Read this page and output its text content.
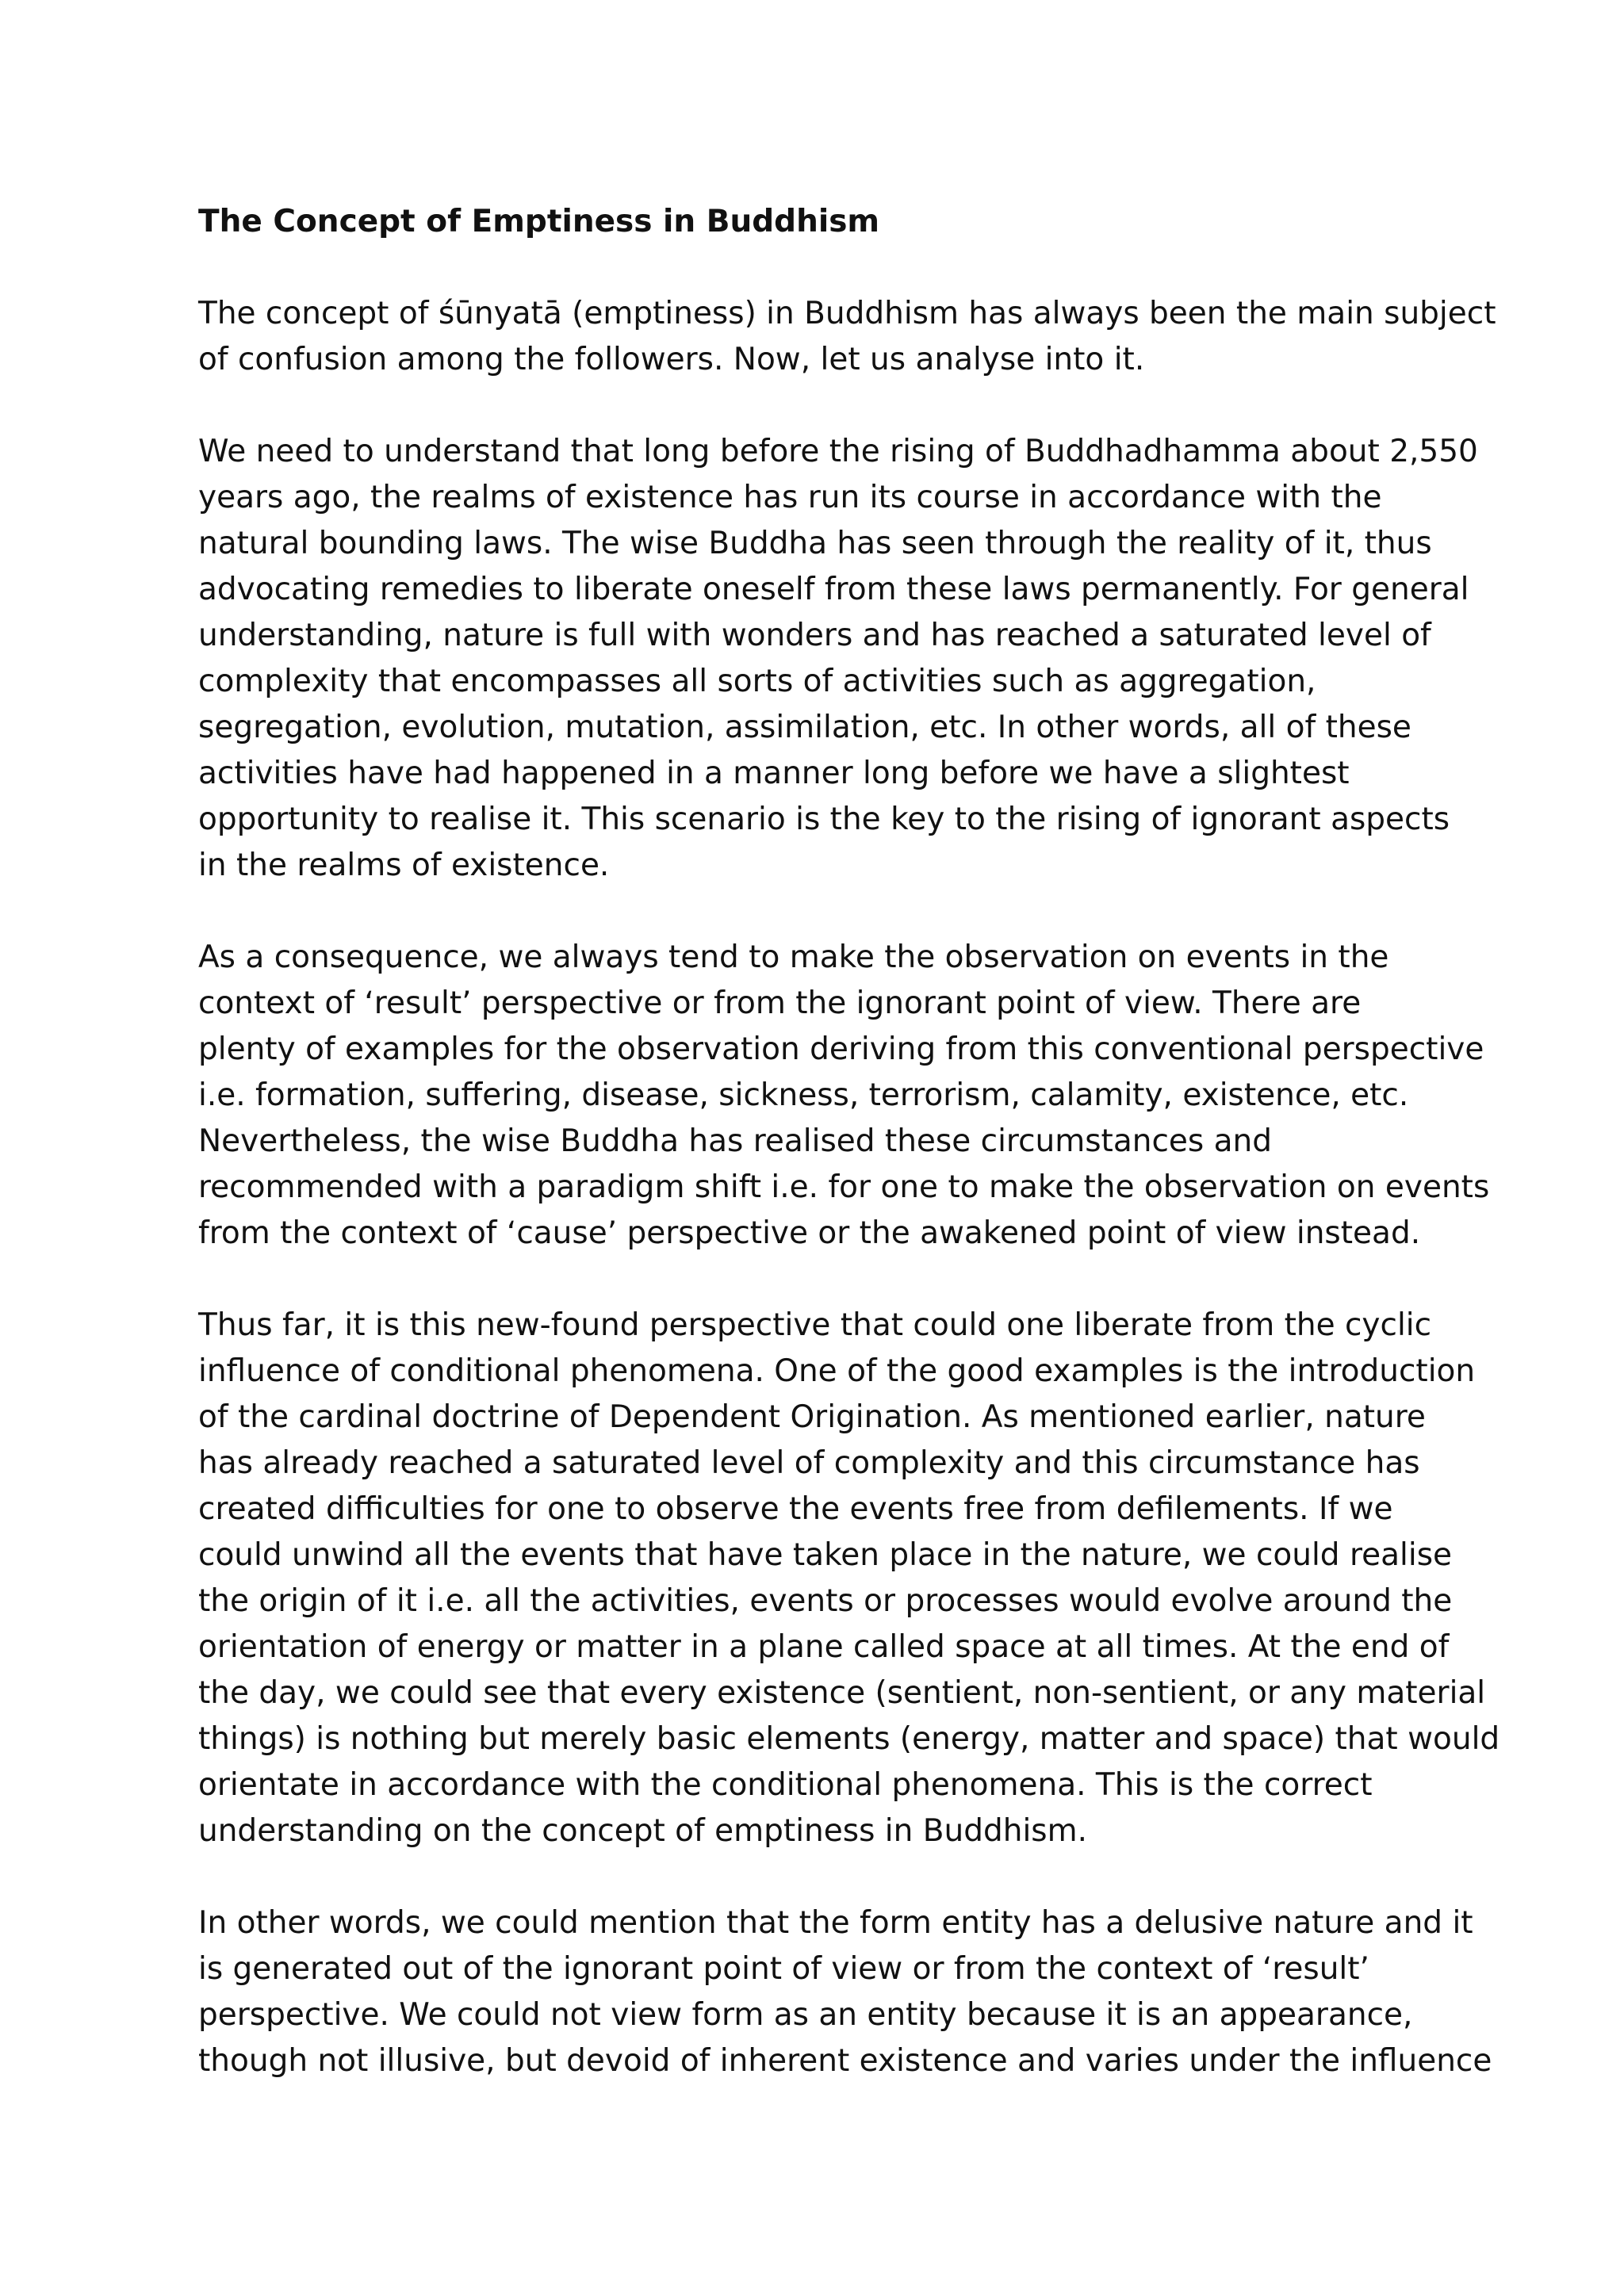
The Concept of Emptiness in Buddhism
The concept of śūnyatā (emptiness) in Buddhism has always been the main subject
of confusion among the followers. Now, let us analyse into it.
We need to understand that long before the rising of Buddhadhamma about 2,550
years ago, the realms of existence has run its course in accordance with the
natural bounding laws. The wise Buddha has seen through the reality of it, thus
advocating remedies to liberate oneself from these laws permanently. For general
understanding, nature is full with wonders and has reached a saturated level of
complexity that encompasses all sorts of activities such as aggregation,
segregation, evolution, mutation, assimilation, etc. In other words, all of these
activities have had happened in a manner long before we have a slightest
opportunity to realise it. This scenario is the key to the rising of ignorant aspects
in the realms of existence.
As a consequence, we always tend to make the observation on events in the
context of ‘result’ perspective or from the ignorant point of view. There are
plenty of examples for the observation deriving from this conventional perspective
i.e. formation, suffering, disease, sickness, terrorism, calamity, existence, etc.
Nevertheless, the wise Buddha has realised these circumstances and
recommended with a paradigm shift i.e. for one to make the observation on events
from the context of ‘cause’ perspective or the awakened point of view instead.
Thus far, it is this new-found perspective that could one liberate from the cyclic
influence of conditional phenomena. One of the good examples is the introduction
of the cardinal doctrine of Dependent Origination. As mentioned earlier, nature
has already reached a saturated level of complexity and this circumstance has
created difficulties for one to observe the events free from defilements. If we
could unwind all the events that have taken place in the nature, we could realise
the origin of it i.e. all the activities, events or processes would evolve around the
orientation of energy or matter in a plane called space at all times. At the end of
the day, we could see that every existence (sentient, non-sentient, or any material
things) is nothing but merely basic elements (energy, matter and space) that would
orientate in accordance with the conditional phenomena. This is the correct
understanding on the concept of emptiness in Buddhism.
In other words, we could mention that the form entity has a delusive nature and it
is generated out of the ignorant point of view or from the context of ‘result’
perspective. We could not view form as an entity because it is an appearance,
though not illusive, but devoid of inherent existence and varies under the influence
